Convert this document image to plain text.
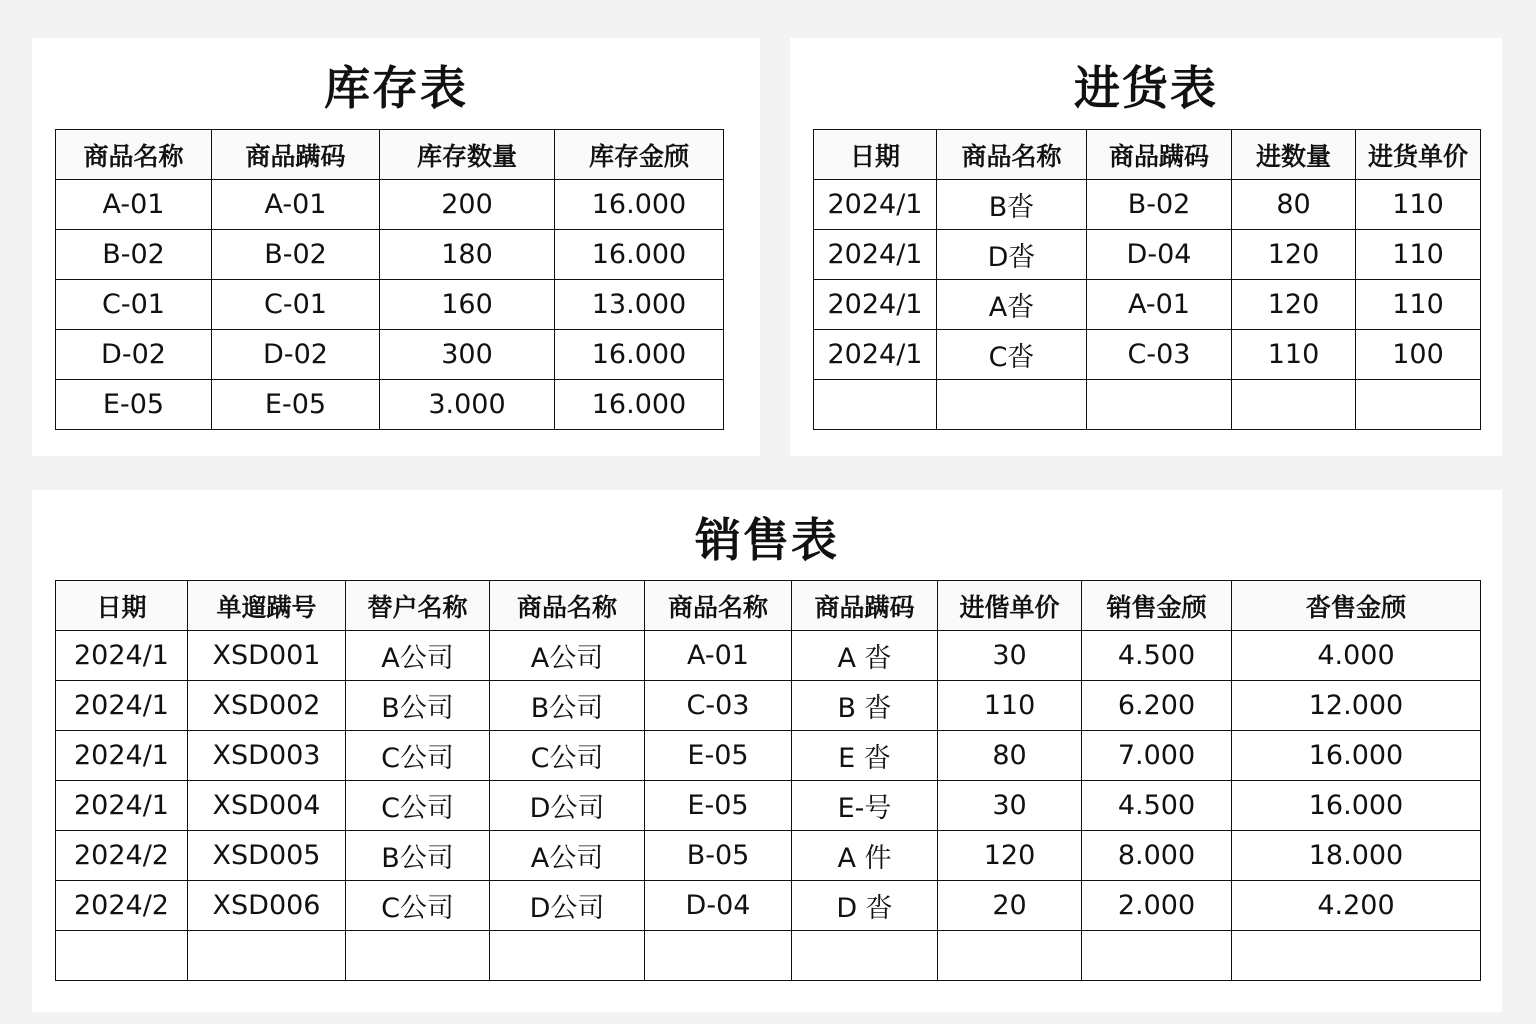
库存表
商品名称	商品蹒码	库存数量	库存金颀
A-01	A-01	200	16.000
B-02	B-02	180	16.000
C-01	C-01	160	13.000
D-02	D-02	300	16.000
E-05	E-05	3.000	16.000
进货表
日期	商品名称	商品蹒码	进数量	进货单价
2024/1	B沓	B-02	80	110
2024/1	D沓	D-04	120	110
2024/1	A沓	A-01	120	110
2024/1	C沓	C-03	110	100

销售表
日期	单遛蹒号	替户名称	商品名称	商品名称	商品蹒码	进偕单价	销售金颀	沓售金颀
2024/1	XSD001	A公司	A公司	A-01	A 沓	30	4.500	4.000
2024/1	XSD002	B公司	B公司	C-03	B 沓	110	6.200	12.000
2024/1	XSD003	C公司	C公司	E-05	E 沓	80	7.000	16.000
2024/1	XSD004	C公司	D公司	E-05	E-号	30	4.500	16.000
2024/2	XSD005	B公司	A公司	B-05	A 件	120	8.000	18.000
2024/2	XSD006	C公司	D公司	D-04	D 沓	20	2.000	4.200
